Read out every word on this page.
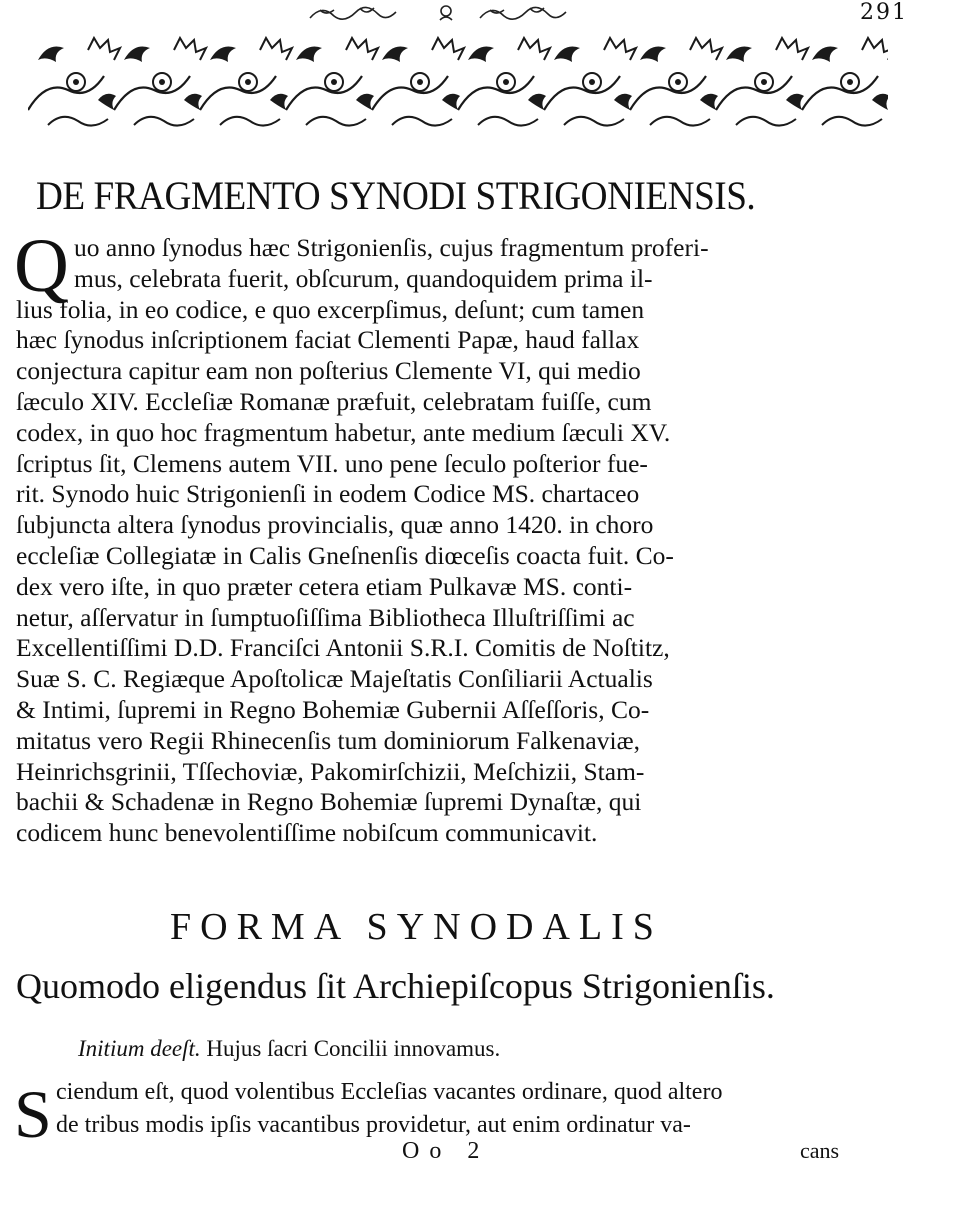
291
DE FRAGMENTO SYNODI STRIGONIENSIS.
Q uo anno ſynodus hæc Strigonienſis, cujus fragmentum proferi-
mus, celebrata fuerit, obſcurum, quandoquidem prima il-
lius folia, in eo codice, e quo excerpſimus, deſunt; cum tamen
hæc ſynodus inſcriptionem faciat Clementi Papæ, haud fallax
conjectura capitur eam non poſterius Clemente VI, qui medio
ſæculo XIV. Eccleſiæ Romanæ præfuit, celebratam fuiſſe, cum
codex, in quo hoc fragmentum habetur, ante medium ſæculi XV.
ſcriptus ſit, Clemens autem VII. uno pene ſeculo poſterior fue-
rit. Synodo huic Strigonienſi in eodem Codice MS. chartaceo
ſubjuncta altera ſynodus provincialis, quæ anno 1420. in choro
eccleſiæ Collegiatæ in Calis Gneſnenſis diœceſis coacta fuit. Co-
dex vero iſte, in quo præter cetera etiam Pulkavæ MS. conti-
netur, aſſervatur in ſumptuoſiſſima Bibliotheca Illuſtriſſimi ac
Excellentiſſimi D.D. Franciſci Antonii S.R.I. Comitis de Noſtitz,
Suæ S. C. Regiæque Apoſtolicæ Majeſtatis Conſiliarii Actualis
& Intimi, ſupremi in Regno Bohemiæ Gubernii Aſſeſſoris, Co-
mitatus vero Regii Rhinecenſis tum dominiorum Falkenaviæ,
Heinrichsgrinii, Tſſechoviæ, Pakomirſchizii, Meſchizii, Stam-
bachii & Schadenæ in Regno Bohemiæ ſupremi Dynaſtæ, qui
codicem hunc benevolentiſſime nobiſcum communicavit.
FORMA SYNODALIS
Quomodo eligendus ſit Archiepiſcopus Strigonienſis.
Initium deeſt. Hujus ſacri Concilii innovamus.
S ciendum eſt, quod volentibus Eccleſias vacantes ordinare, quod altero
de tribus modis ipſis vacantibus providetur, aut enim ordinatur va-
Oo 2	cans
